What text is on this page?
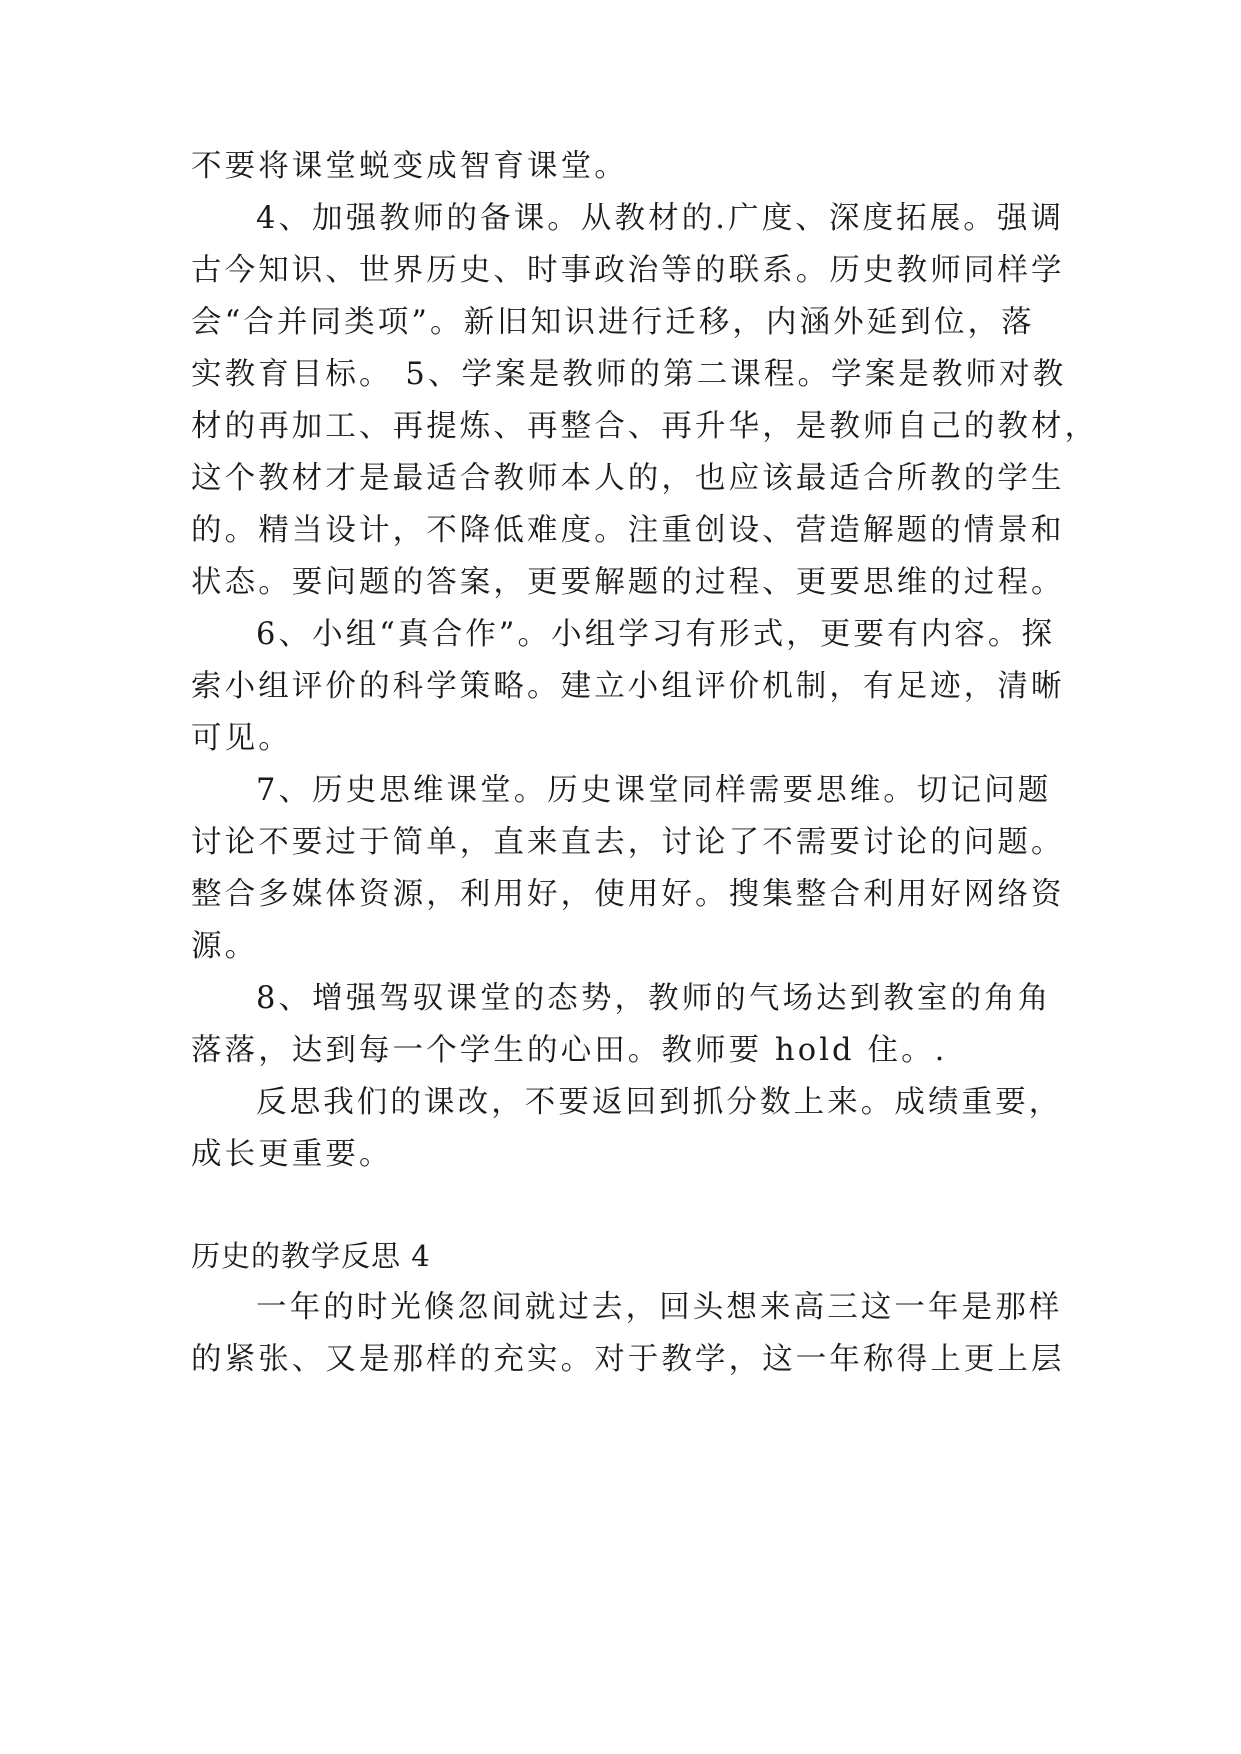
不要将课堂蜕变成智育课堂。
4、加强教师的备课。从教材的.广度、深度拓展。强调
古今知识、世界历史、时事政治等的联系。历史教师同样学
会“合并同类项”。新旧知识进行迁移，内涵外延到位，落
实教育目标。 5、学案是教师的第二课程。学案是教师对教
材的再加工、再提炼、再整合、再升华，是教师自己的教材，
这个教材才是最适合教师本人的，也应该最适合所教的学生
的。精当设计，不降低难度。注重创设、营造解题的情景和
状态。要问题的答案，更要解题的过程、更要思维的过程。
6、小组“真合作”。小组学习有形式，更要有内容。探
索小组评价的科学策略。建立小组评价机制，有足迹，清晰
可见。
7、历史思维课堂。历史课堂同样需要思维。切记问题
讨论不要过于简单，直来直去，讨论了不需要讨论的问题。
整合多媒体资源，利用好，使用好。搜集整合利用好网络资
源。
8、增强驾驭课堂的态势，教师的气场达到教室的角角
落落，达到每一个学生的心田。教师要 hold 住。.
反思我们的课改，不要返回到抓分数上来。成绩重要，
成长更重要。
历史的教学反思 4
一年的时光倏忽间就过去，回头想来高三这一年是那样
的紧张、又是那样的充实。对于教学，这一年称得上更上层
